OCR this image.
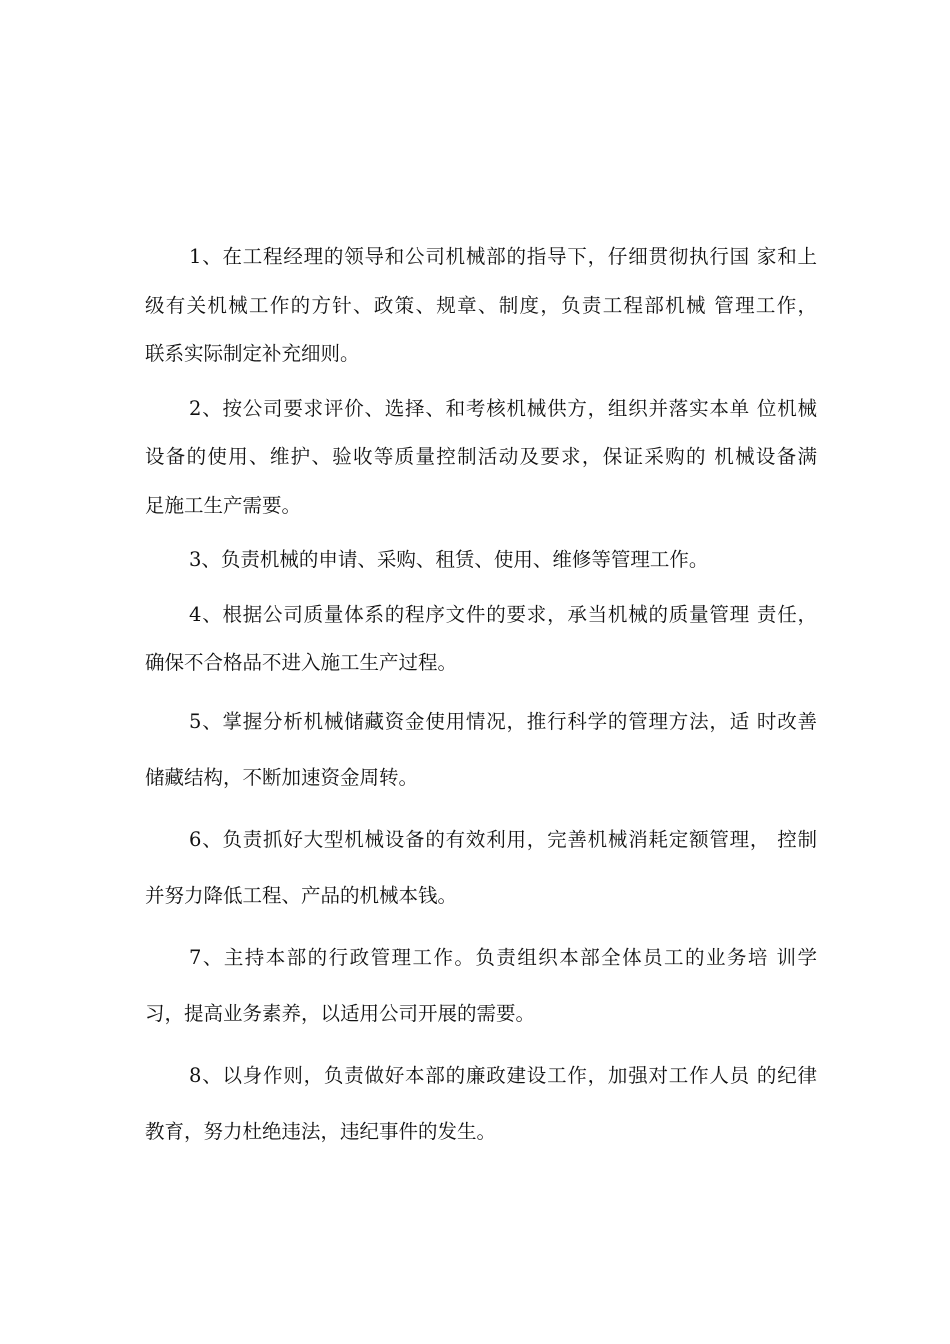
1、在工程经理的领导和公司机械部的指导下，仔细贯彻执行国 家和上
级有关机械工作的方针、政策、规章、制度，负责工程部机械 管理工作，
联系实际制定补充细则。
2、按公司要求评价、选择、和考核机械供方，组织并落实本单 位机械
设备的使用、维护、验收等质量控制活动及要求，保证采购的 机械设备满
足施工生产需要。
3、负责机械的申请、采购、租赁、使用、维修等管理工作。
4、根据公司质量体系的程序文件的要求，承当机械的质量管理 责任，
确保不合格品不进入施工生产过程。
5、掌握分析机械储藏资金使用情况，推行科学的管理方法，适 时改善
储藏结构，不断加速资金周转。
6、负责抓好大型机械设备的有效利用，完善机械消耗定额管理， 控制
并努力降低工程、产品的机械本钱。
7、主持本部的行政管理工作。负责组织本部全体员工的业务培 训学
习，提高业务素养，以适用公司开展的需要。
8、以身作则，负责做好本部的廉政建设工作，加强对工作人员 的纪律
教育，努力杜绝违法，违纪事件的发生。
